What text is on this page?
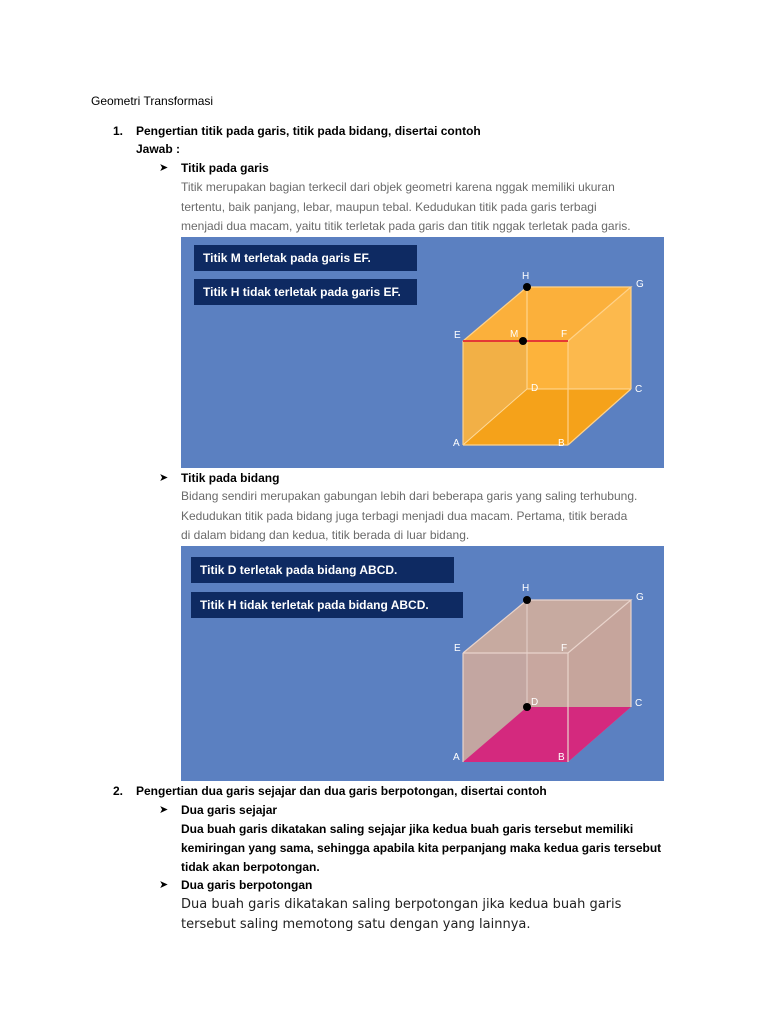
Geometri Transformasi
1. Pengertian titik pada garis, titik pada bidang, disertai contoh
Jawab :
➤ Titik pada garis
Titik merupakan bagian terkecil dari objek geometri karena nggak memiliki ukuran
tertentu, baik panjang, lebar, maupun tebal. Kedudukan titik pada garis terbagi
menjadi dua macam, yaitu titik terletak pada garis dan titik nggak terletak pada garis.
Titik M terletak pada garis EF.
Titik H tidak terletak pada garis EF.
H
G
E	M	F
D	C
A	B
➤ Titik pada bidang
Bidang sendiri merupakan gabungan lebih dari beberapa garis yang saling terhubung.
Kedudukan titik pada bidang juga terbagi menjadi dua macam. Pertama, titik berada
di dalam bidang dan kedua, titik berada di luar bidang.
Titik D terletak pada bidang ABCD.
Titik H tidak terletak pada bidang ABCD.
H
G
E	F
D	C
A	B
2. Pengertian dua garis sejajar dan dua garis berpotongan, disertai contoh
➤ Dua garis sejajar
Dua buah garis dikatakan saling sejajar jika kedua buah garis tersebut memiliki
kemiringan yang sama, sehingga apabila kita perpanjang maka kedua garis tersebut
tidak akan berpotongan.
➤ Dua garis berpotongan
Dua buah garis dikatakan saling berpotongan jika kedua buah garis
tersebut saling memotong satu dengan yang lainnya.
